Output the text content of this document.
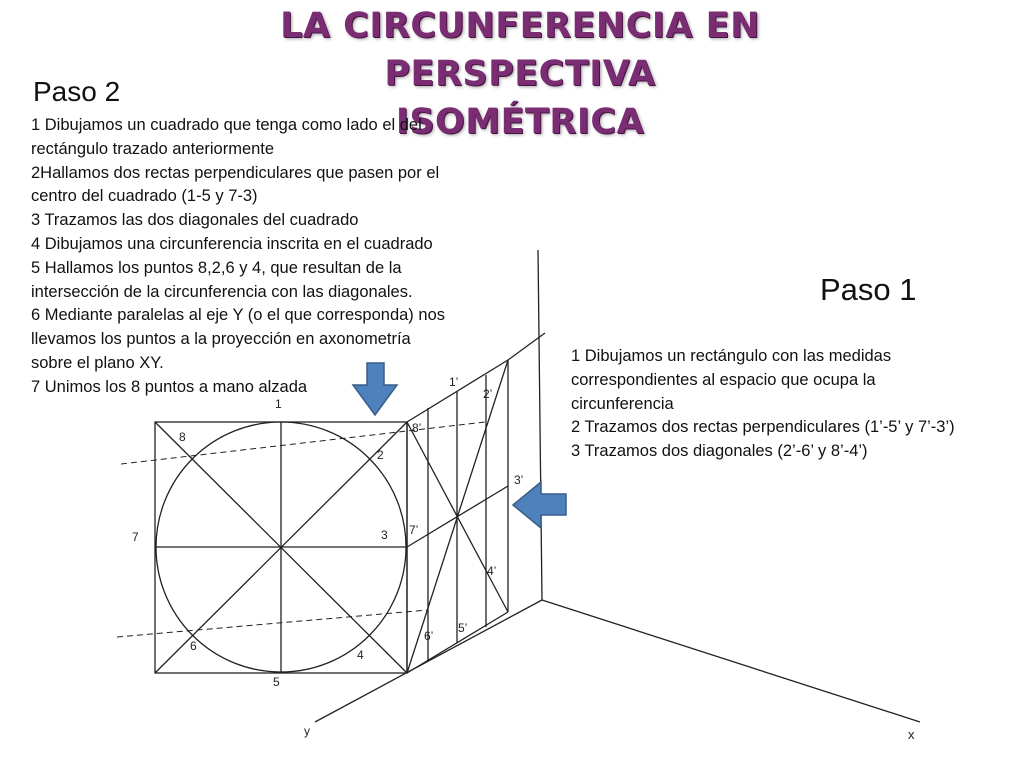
LA CIRCUNFERENCIA EN PERSPECTIVA
ISOMÉTRICA
Paso 2
1 Dibujamos un cuadrado que tenga como lado el del
rectángulo trazado anteriormente
2Hallamos dos rectas perpendiculares que pasen por el
centro del cuadrado (1-5 y 7-3)
3 Trazamos las dos diagonales del cuadrado
4 Dibujamos una circunferencia inscrita en el cuadrado
5 Hallamos los puntos 8,2,6 y 4, que resultan de la
intersección de la circunferencia con las diagonales.
6 Mediante paralelas al eje Y (o el que corresponda) nos
llevamos los puntos a la proyección en axonometría
sobre el plano XY.
7 Unimos los 8 puntos a mano alzada
Paso 1
1 Dibujamos un rectángulo con las medidas
correspondientes al espacio que ocupa la
circunferencia
2 Trazamos dos rectas perpendiculares (1’-5’ y 7’-3’)
3 Trazamos dos diagonales (2’-6’ y 8’-4’)
1
2
3
4
5
6
7
8
1’
2’
3’
4’
5’
6’
7’
8’
y	x
